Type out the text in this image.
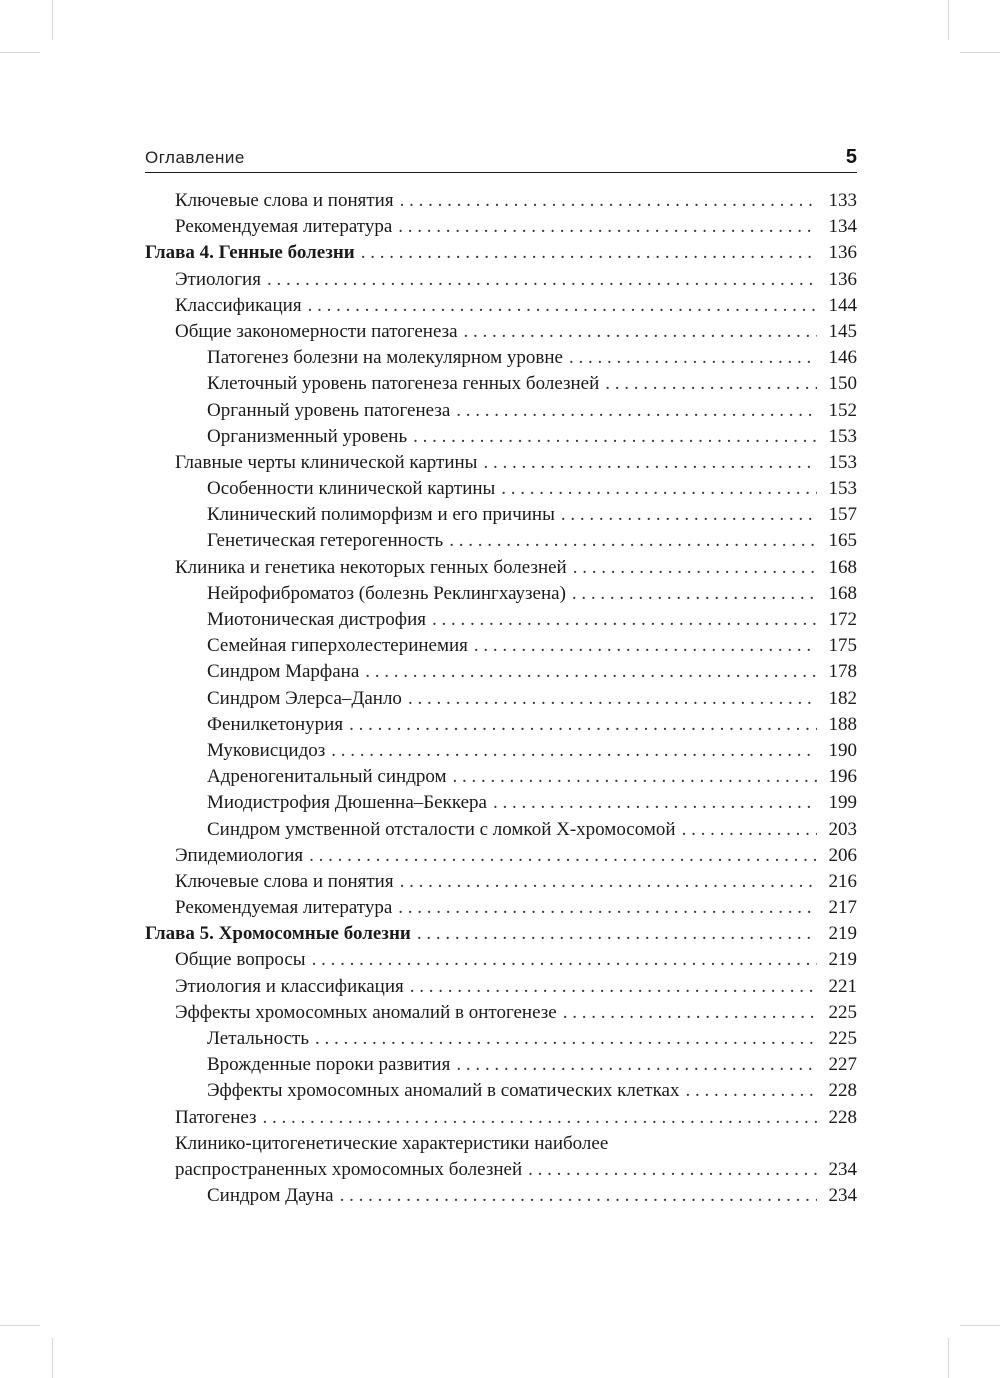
Оглавление	5
Ключевые слова и понятия . . .	133
Рекомендуемая литература . . .	134
Глава 4. Генные болезни . . .	136
Этиология . . .	136
Классификация . . .	144
Общие закономерности патогенеза . . .	145
Патогенез болезни на молекулярном уровне . . .	146
Клеточный уровень патогенеза генных болезней . . .	150
Органный уровень патогенеза . . .	152
Организменный уровень . . .	153
Главные черты клинической картины . . .	153
Особенности клинической картины . . .	153
Клинический полиморфизм и его причины . . .	157
Генетическая гетерогенность . . .	165
Клиника и генетика некоторых генных болезней . . .	168
Нейрофиброматоз (болезнь Реклингхаузена) . . .	168
Миотоническая дистрофия . . .	172
Семейная гиперхолестеринемия . . .	175
Синдром Марфана . . .	178
Синдром Элерса–Данло . . .	182
Фенилкетонурия . . .	188
Муковисцидоз . . .	190
Адреногенитальный синдром . . .	196
Миодистрофия Дюшенна–Беккера . . .	199
Синдром умственной отсталости с ломкой X-хромосомой . . .	203
Эпидемиология . . .	206
Ключевые слова и понятия . . .	216
Рекомендуемая литература . . .	217
Глава 5. Хромосомные болезни . . .	219
Общие вопросы . . .	219
Этиология и классификация . . .	221
Эффекты хромосомных аномалий в онтогенезе . . .	225
Летальность . . .	225
Врожденные пороки развития . . .	227
Эффекты хромосомных аномалий в соматических клетках . . .	228
Патогенез . . .	228
Клинико-цитогенетические характеристики наиболее
распространенных хромосомных болезней . . .	234
Синдром Дауна . . .	234
